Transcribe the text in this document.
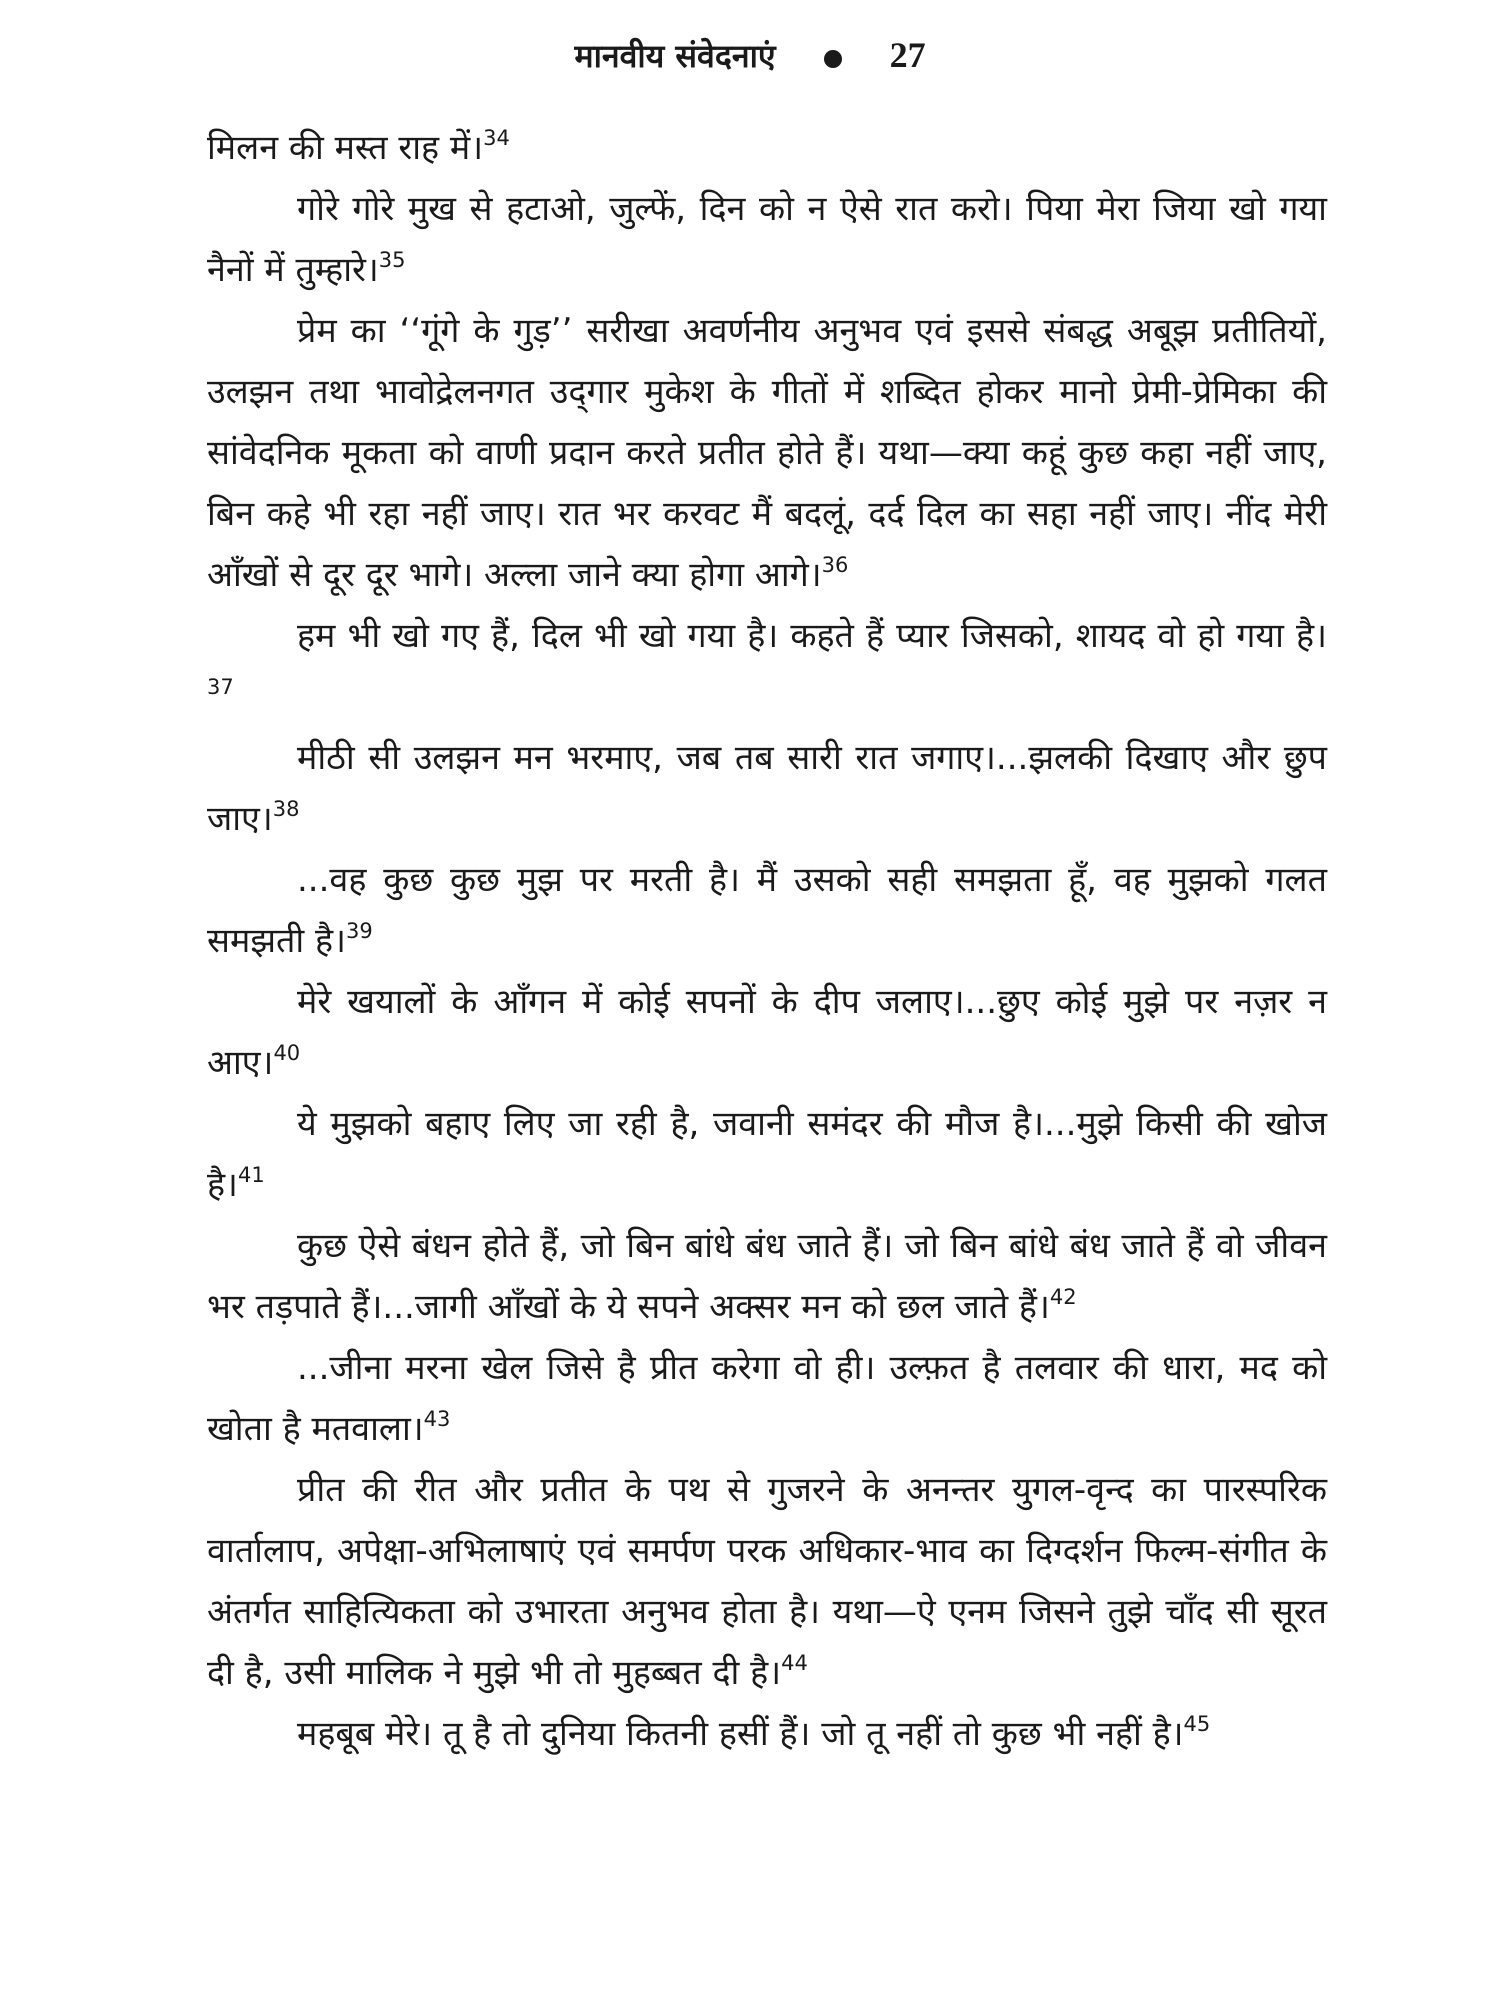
मानवीय संवेदनाएं	27

मिलन की मस्त राह में।$^{34}$

गोरे गोरे मुख से हटाओ, जुल्फें, दिन को न ऐसे रात करो। पिया मेरा जिया खो गया नैनों में तुम्हारे।$^{35}$

प्रेम का ‘‘गूंगे के गुड़’’ सरीखा अवर्णनीय अनुभव एवं इससे संबद्ध अबूझ प्रतीतियों, उलझन तथा भावोद्रेलनगत उद्‌गार मुकेश के गीतों में शब्दित होकर मानो प्रेमी-प्रेमिका की सांवेदनिक मूकता को वाणी प्रदान करते प्रतीत होते हैं। यथा—क्या कहूं कुछ कहा नहीं जाए, बिन कहे भी रहा नहीं जाए। रात भर करवट मैं बदलूं, दर्द दिल का सहा नहीं जाए। नींद मेरी आँखों से दूर दूर भागे। अल्ला जाने क्या होगा आगे।$^{36}$

हम भी खो गए हैं, दिल भी खो गया है। कहते हैं प्यार जिसको, शायद वो हो गया है।$^{37}$

मीठी सी उलझन मन भरमाए, जब तब सारी रात जगाए।...झलकी दिखाए और छुप जाए।$^{38}$

...वह कुछ कुछ मुझ पर मरती है। मैं उसको सही समझता हूँ, वह मुझको गलत समझती है।$^{39}$

मेरे खयालों के आँगन में कोई सपनों के दीप जलाए।...छुए कोई मुझे पर नज़र न आए।$^{40}$

ये मुझको बहाए लिए जा रही है, जवानी समंदर की मौज है।...मुझे किसी की खोज है।$^{41}$

कुछ ऐसे बंधन होते हैं, जो बिन बांधे बंध जाते हैं। जो बिन बांधे बंध जाते हैं वो जीवन भर तड़पाते हैं।...जागी आँखों के ये सपने अक्सर मन को छल जाते हैं।$^{42}$

...जीना मरना खेल जिसे है प्रीत करेगा वो ही। उल्फ़त है तलवार की धारा, मद को खोता है मतवाला।$^{43}$

प्रीत की रीत और प्रतीत के पथ से गुजरने के अनन्तर युगल-वृन्द का पारस्परिक वार्तालाप, अपेक्षा-अभिलाषाएं एवं समर्पण परक अधिकार-भाव का दिग्दर्शन फिल्म-संगीत के अंतर्गत साहित्यिकता को उभारता अनुभव होता है। यथा—ऐ एनम जिसने तुझे चाँद सी सूरत दी है, उसी मालिक ने मुझे भी तो मुहब्बत दी है।$^{44}$

महबूब मेरे। तू है तो दुनिया कितनी हसीं हैं। जो तू नहीं तो कुछ भी नहीं है।$^{45}$
